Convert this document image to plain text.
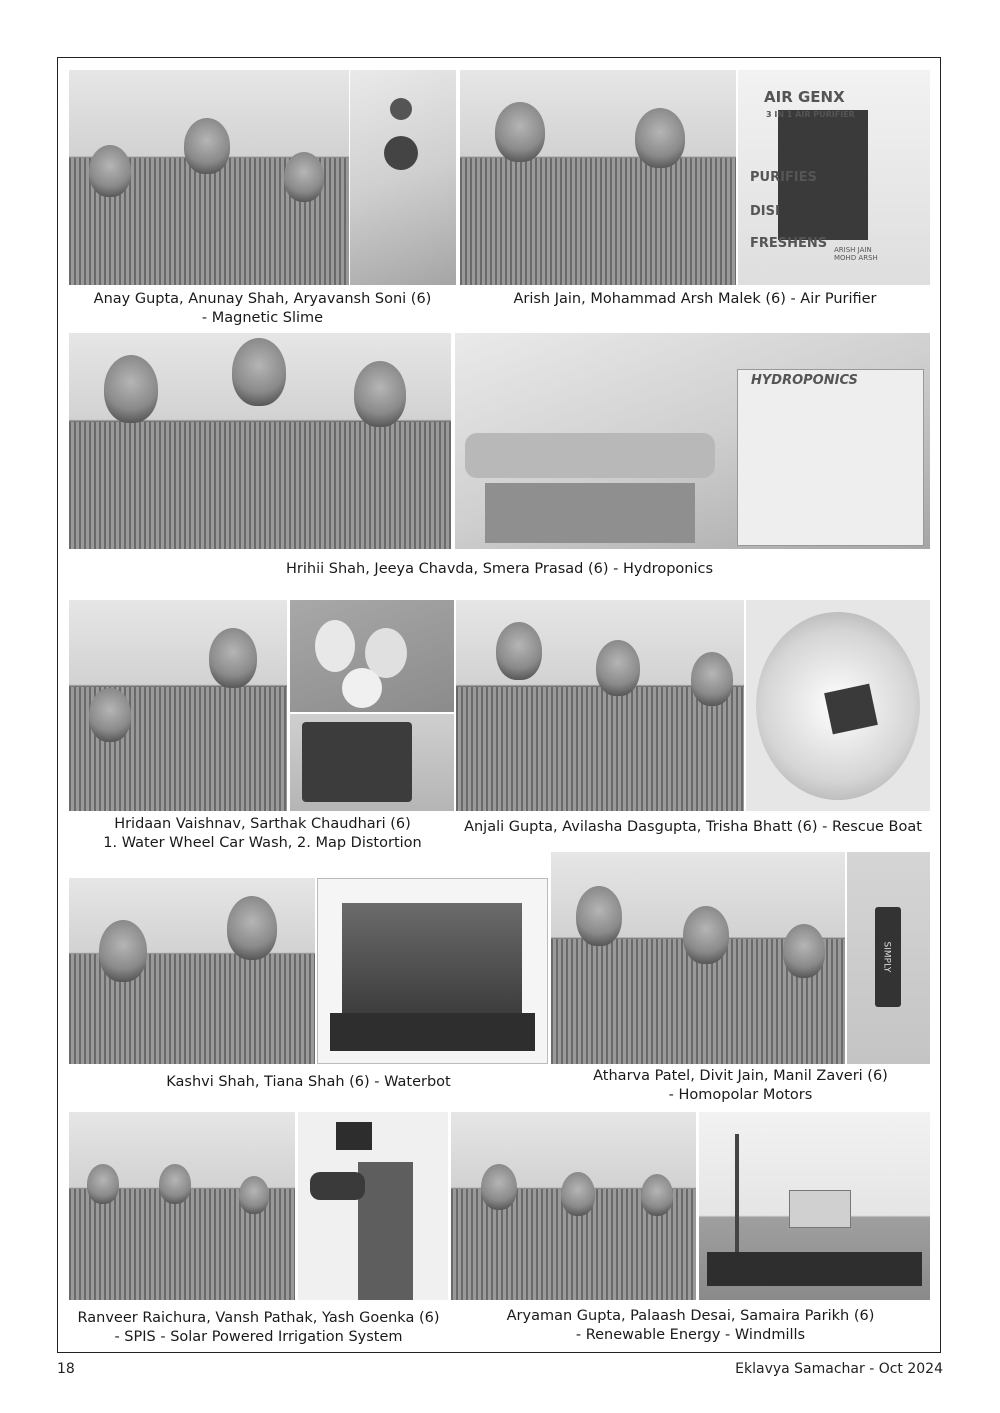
AIR GENX
3 IN 1 AIR PURIFIER
PURIFIES
DISI
FRESHENS ARISH JAIN
MOHD ARSH
Anay Gupta, Anunay Shah, Aryavansh Soni (6)
- Magnetic Slime
Arish Jain, Mohammad Arsh Malek (6) - Air Purifier
HYDROPONICS
Hrihii Shah, Jeeya Chavda, Smera Prasad (6) - Hydroponics
Hridaan Vaishnav, Sarthak Chaudhari (6)
1. Water Wheel Car Wash, 2. Map Distortion
Anjali Gupta, Avilasha Dasgupta, Trisha Bhatt (6) - Rescue Boat
SIMPLY
Kashvi Shah, Tiana Shah (6) - Waterbot	Atharva Patel, Divit Jain, Manil Zaveri (6)
- Homopolar Motors
Ranveer Raichura, Vansh Pathak, Yash Goenka (6)
- SPIS - Solar Powered Irrigation System
Aryaman Gupta, Palaash Desai, Samaira Parikh (6)
- Renewable Energy - Windmills
18	Eklavya Samachar - Oct 2024
